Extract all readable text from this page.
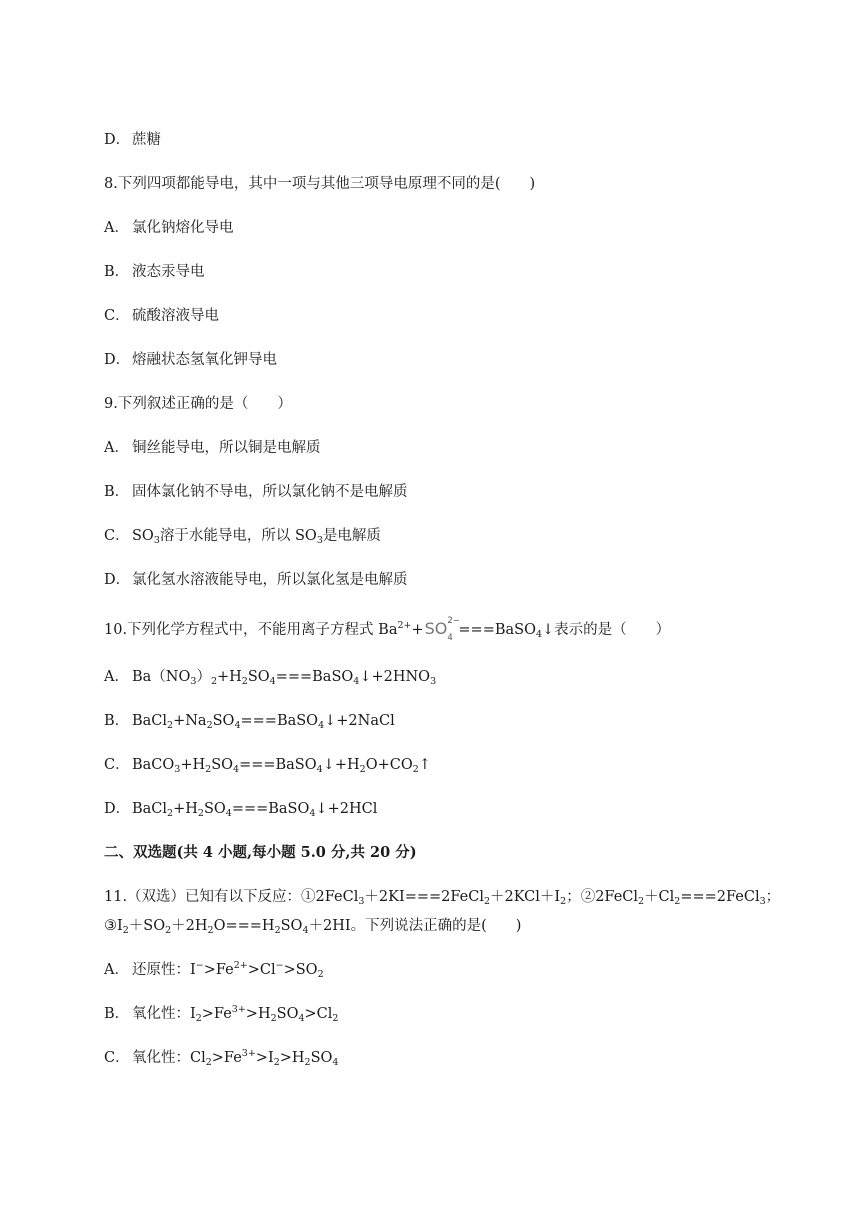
D． 蔗糖
8.下列四项都能导电，其中一项与其他三项导电原理不同的是(　　)
A． 氯化钠熔化导电
B． 液态汞导电
C． 硫酸溶液导电
D． 熔融状态氢氧化钾导电
9.下列叙述正确的是（　　）
A． 铜丝能导电，所以铜是电解质
B． 固体氯化钠不导电，所以氯化钠不是电解质
C． $SO_3$溶于水能导电，所以 $SO_3$是电解质
D． 氯化氢水溶液能导电，所以氯化氢是电解质
10.下列化学方程式中，不能用离子方程式 $Ba^{2+}+SO$ 2−
4 ===BaSO$_4$↓表示的是（　　）
A． $Ba(NO_3)_2+H_2SO_4===BaSO_4↓+2HNO_3$
B． $BaCl_2+Na_2SO_4===BaSO_4↓+2NaCl$
C． $BaCO_3+H_2SO_4===BaSO_4↓+H_2O+CO_2↑$
D． $BaCl_2+H_2SO_4===BaSO_4↓+2HCl$
二、双选题(共 4 小题,每小题 5.0 分,共 20 分)
11.（双选）已知有以下反应：$①2FeCl_3+2KI===2FeCl_2+2KCl+I_2$；$②2FeCl_2+Cl_2===2FeCl_3$；
$③I_2+SO_2+2H_2O===H_2SO_4+2HI$。下列说法正确的是(　　)
A． 还原性：$I^->Fe^{2+}>Cl^->SO_2$
B． 氧化性：$I_2>Fe^{3+}>H_2SO_4>Cl_2$
C． 氧化性：$Cl_2>Fe^{3+}>I_2>H_2SO_4$
